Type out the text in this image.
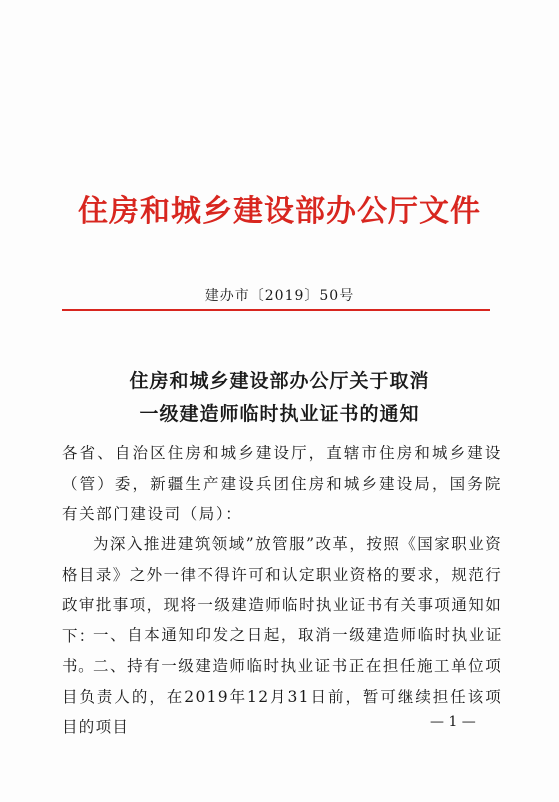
住房和城乡建设部办公厅文件
建办市〔2019〕50号
住房和城乡建设部办公厅关于取消
一级建造师临时执业证书的通知
各省、自治区住房和城乡建设厅，直辖市住房和城乡建设（管）委，新疆生产建设兵团住房和城乡建设局，国务院有关部门建设司（局）：
为深入推进建筑领域”放管服”改革，按照《国家职业资格目录》之外一律不得许可和认定职业资格的要求，规范行政审批事项，现将一级建造师临时执业证书有关事项通知如下：
一、自本通知印发之日起，取消一级建造师临时执业证书。
二、持有一级建造师临时执业证书正在担任施工单位项目负责人的，在2019年12月31日前，暂可继续担任该项目的项目	— 1 —
